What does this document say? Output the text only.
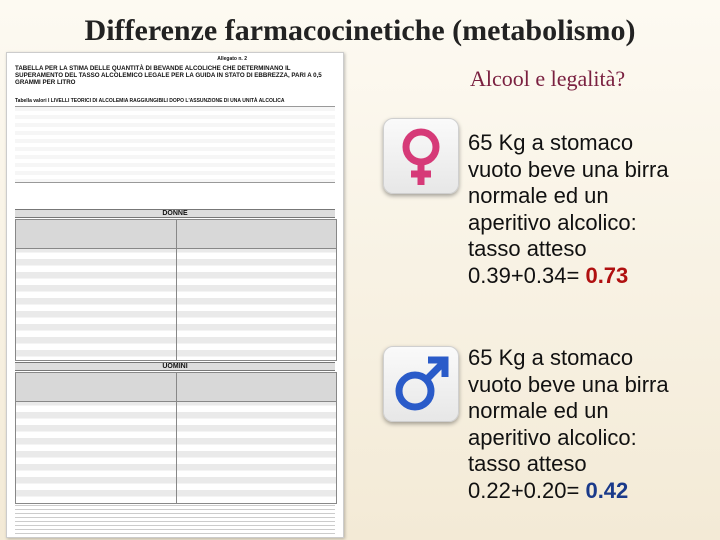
Differenze farmacocinetiche (metabolismo)
Allegato n. 2
TABELLA PER LA STIMA DELLE QUANTITÀ DI BEVANDE ALCOLICHE CHE DETERMINANO IL SUPERAMENTO DEL TASSO ALCOLEMICO LEGALE PER LA GUIDA IN STATO DI EBBREZZA, PARI A 0,5 GRAMMI PER LITRO
Tabella valori I LIVELLI TEORICI DI ALCOLEMIA RAGGIUNGIBILI DOPO L'ASSUNZIONE DI UNA UNITÀ ALCOLICA
DONNE
UOMINI
Alcool e legalità?

65 Kg a stomaco

vuoto beve una birra

normale ed un

aperitivo alcolico:

tasso atteso

0.39+0.34= 0.73

65 Kg a stomaco

vuoto beve una birra

normale ed un

aperitivo alcolico:

tasso atteso

0.22+0.20= 0.42
